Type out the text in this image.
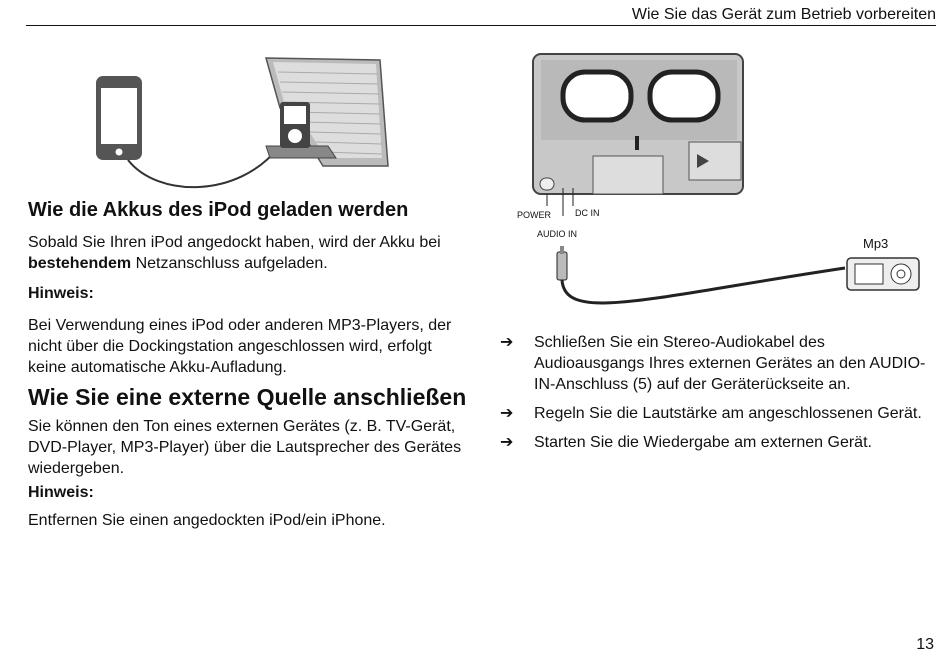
Wie Sie das Gerät zum Betrieb vorbereiten
POWER	DC IN
AUDIO IN
Mp3
Wie die Akkus des iPod geladen werden

Sobald Sie Ihren iPod angedockt haben, wird der Akku bei bestehendem Netzanschluss aufgeladen.

Hinweis:

Bei Verwendung eines iPod oder anderen MP3-Players, der nicht über die Dockingstation angeschlossen wird, erfolgt keine automatische Akku-Aufladung.

Wie Sie eine externe Quelle anschließen

Sie können den Ton eines externen Gerätes (z. B. TV-Gerät, DVD-Player, MP3-Player) über die Lautsprecher des Gerätes wiedergeben.

Hinweis:

Entfernen Sie einen angedockten iPod/ein iPhone.

➔ Schließen Sie ein Stereo-Audiokabel des Audioausgangs Ihres externen Gerätes an den AUDIO-IN-Anschluss (5) auf der Geräterückseite an.
➔ Regeln Sie die Lautstärke am angeschlossenen Gerät.
➔ Starten Sie die Wiedergabe am externen Gerät.
13
